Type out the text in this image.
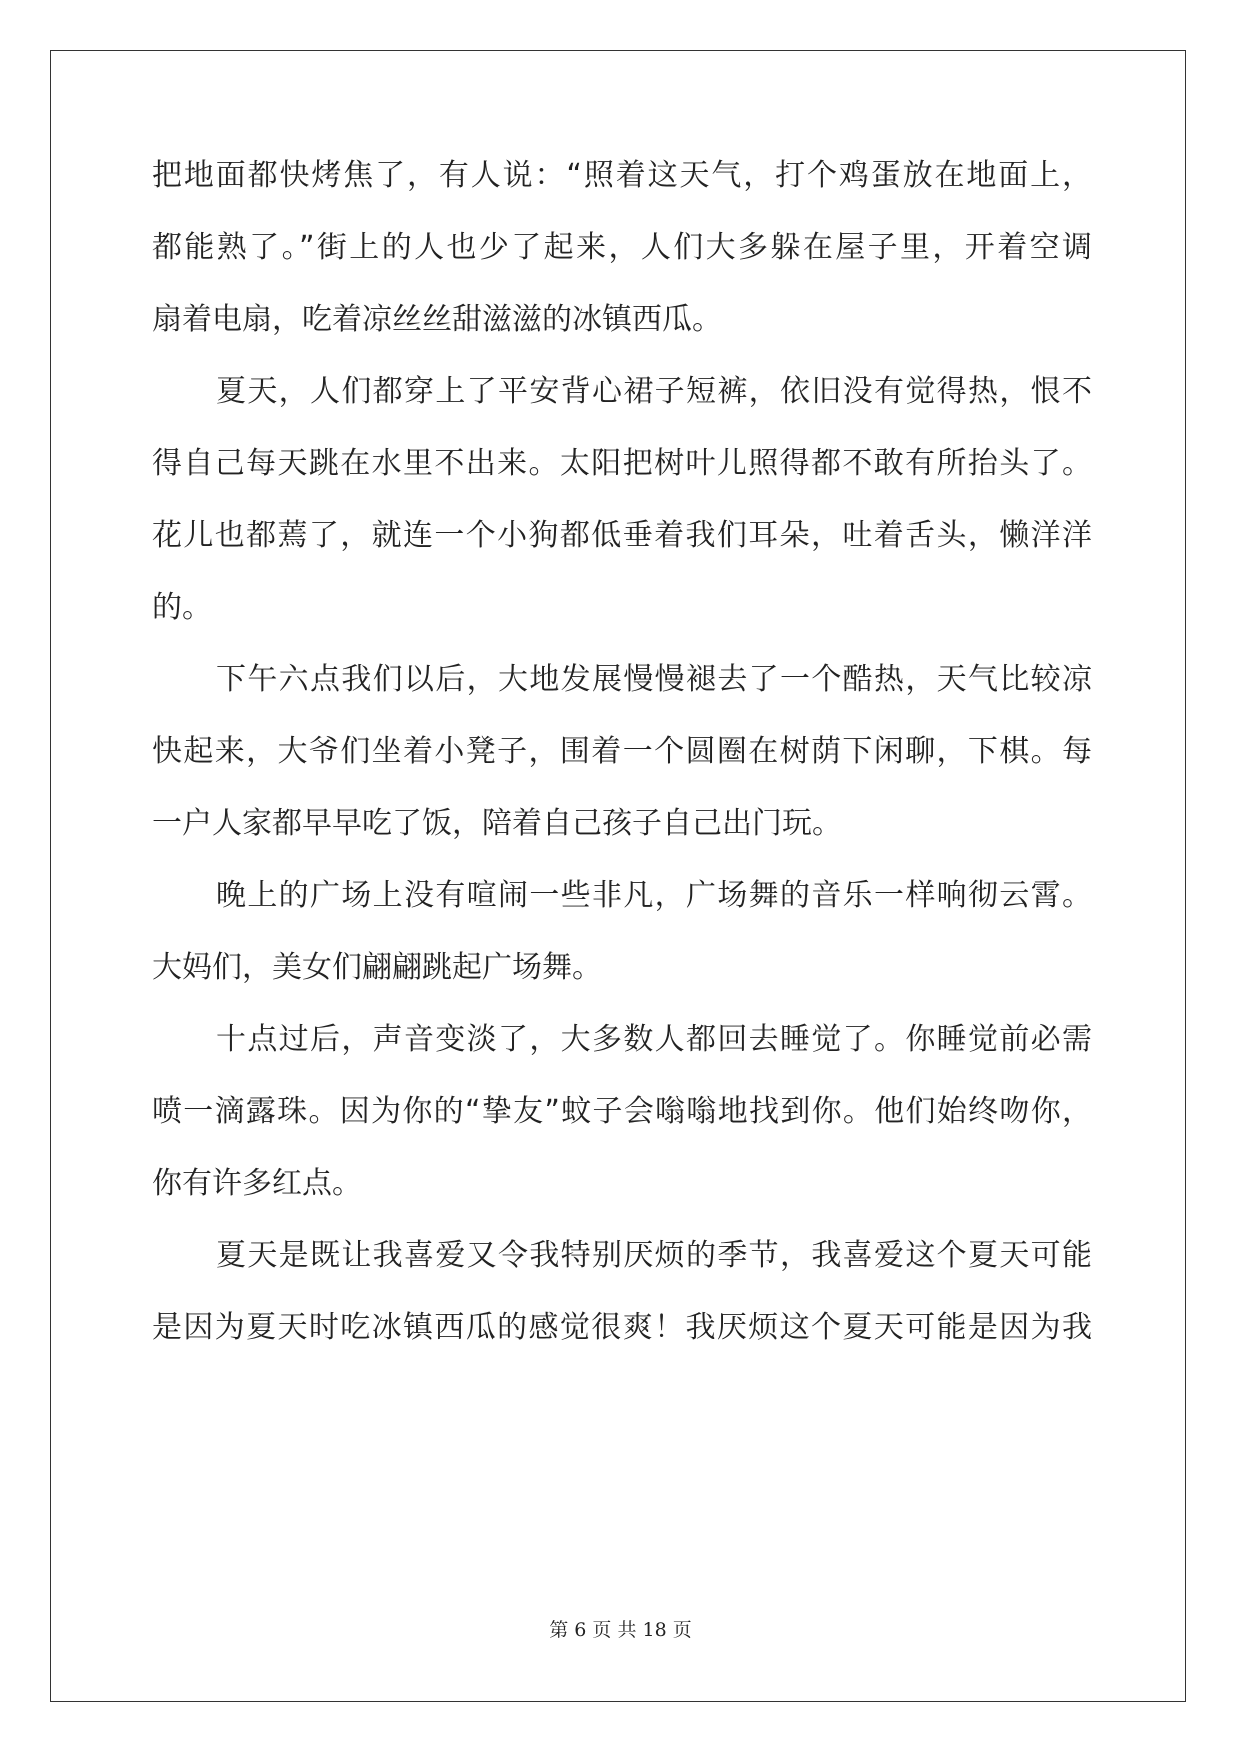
把地面都快烤焦了，有人说：“照着这天气，打个鸡蛋放在地面上，
都能熟了。”街上的人也少了起来，人们大多躲在屋子里，开着空调
扇着电扇，吃着凉丝丝甜滋滋的冰镇西瓜。
夏天，人们都穿上了平安背心裙子短裤，依旧没有觉得热，恨不
得自己每天跳在水里不出来。太阳把树叶儿照得都不敢有所抬头了。
花儿也都蔫了，就连一个小狗都低垂着我们耳朵，吐着舌头，懒洋洋
的。
下午六点我们以后，大地发展慢慢褪去了一个酷热，天气比较凉
快起来，大爷们坐着小凳子，围着一个圆圈在树荫下闲聊，下棋。每
一户人家都早早吃了饭，陪着自己孩子自己出门玩。
晚上的广场上没有喧闹一些非凡，广场舞的音乐一样响彻云霄。
大妈们，美女们翩翩跳起广场舞。
十点过后，声音变淡了，大多数人都回去睡觉了。你睡觉前必需
喷一滴露珠。因为你的“挚友”蚊子会嗡嗡地找到你。他们始终吻你，
你有许多红点。
夏天是既让我喜爱又令我特别厌烦的季节，我喜爱这个夏天可能
是因为夏天时吃冰镇西瓜的感觉很爽！我厌烦这个夏天可能是因为我
第 6 页 共 18 页
